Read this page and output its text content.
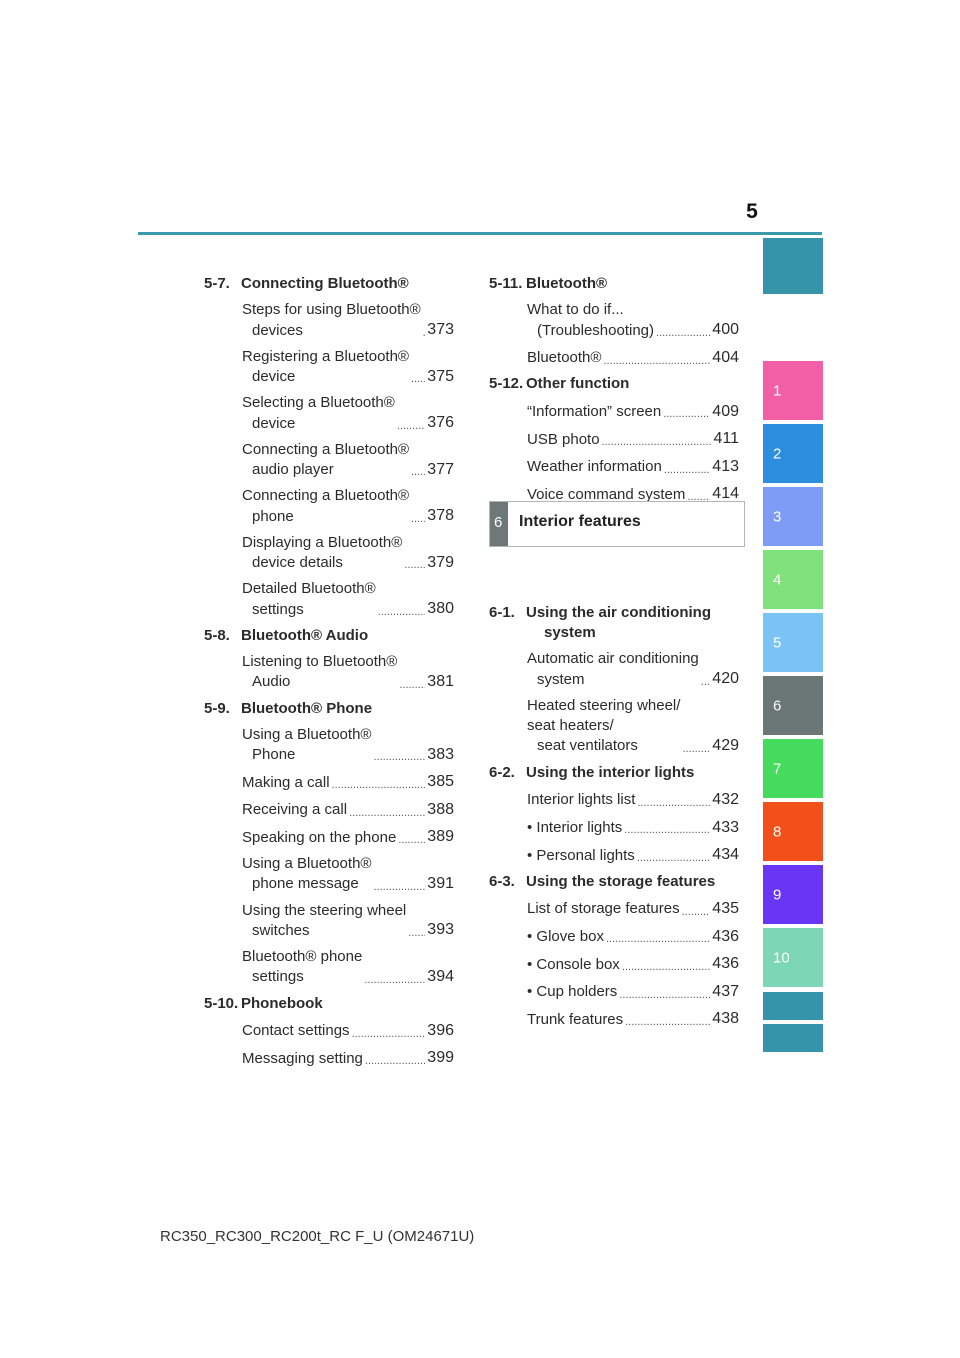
5
1
2
3
4
5
6
7
8
9
10
5-7. Connecting Bluetooth®
Steps for using Bluetooth®
devices .....	373
Registering a Bluetooth®
device .....	375
Selecting a Bluetooth®
device .....	376
Connecting a Bluetooth®
audio player .....	377
Connecting a Bluetooth®
phone .....	378
Displaying a Bluetooth®
device details .....	379
Detailed Bluetooth®
settings .....	380
5-8. Bluetooth® Audio
Listening to Bluetooth®
Audio .....	381
5-9. Bluetooth® Phone
Using a Bluetooth®
Phone .....	383
Making a call .....	385
Receiving a call .....	388
Speaking on the phone ..... 389
Using a Bluetooth®
phone message .....	391
Using the steering wheel
switches .....	393
Bluetooth® phone
settings .....	394
5-10. Phonebook
Contact settings .....	396
Messaging setting .....	399
5-11. Bluetooth®
What to do if...
(Troubleshooting) .....	400
Bluetooth® .....	404
5-12. Other function
“Information” screen .....	409
USB photo .....	411
Weather information .....	413
Voice command system ..... 414
6-1. Using the air conditioning
system
Automatic air conditioning
system .....	420
Heated steering wheel/
seat heaters/
seat ventilators .....	429
6-2. Using the interior lights
Interior lights list .....	432
• Interior lights .....	433
• Personal lights .....	434
6-3. Using the storage features
List of storage features ..... 435
• Glove box .....	436
• Console box .....	436
• Cup holders .....	437
Trunk features .....	438
6 Interior features
RC350_RC300_RC200t_RC F_U (OM24671U)
